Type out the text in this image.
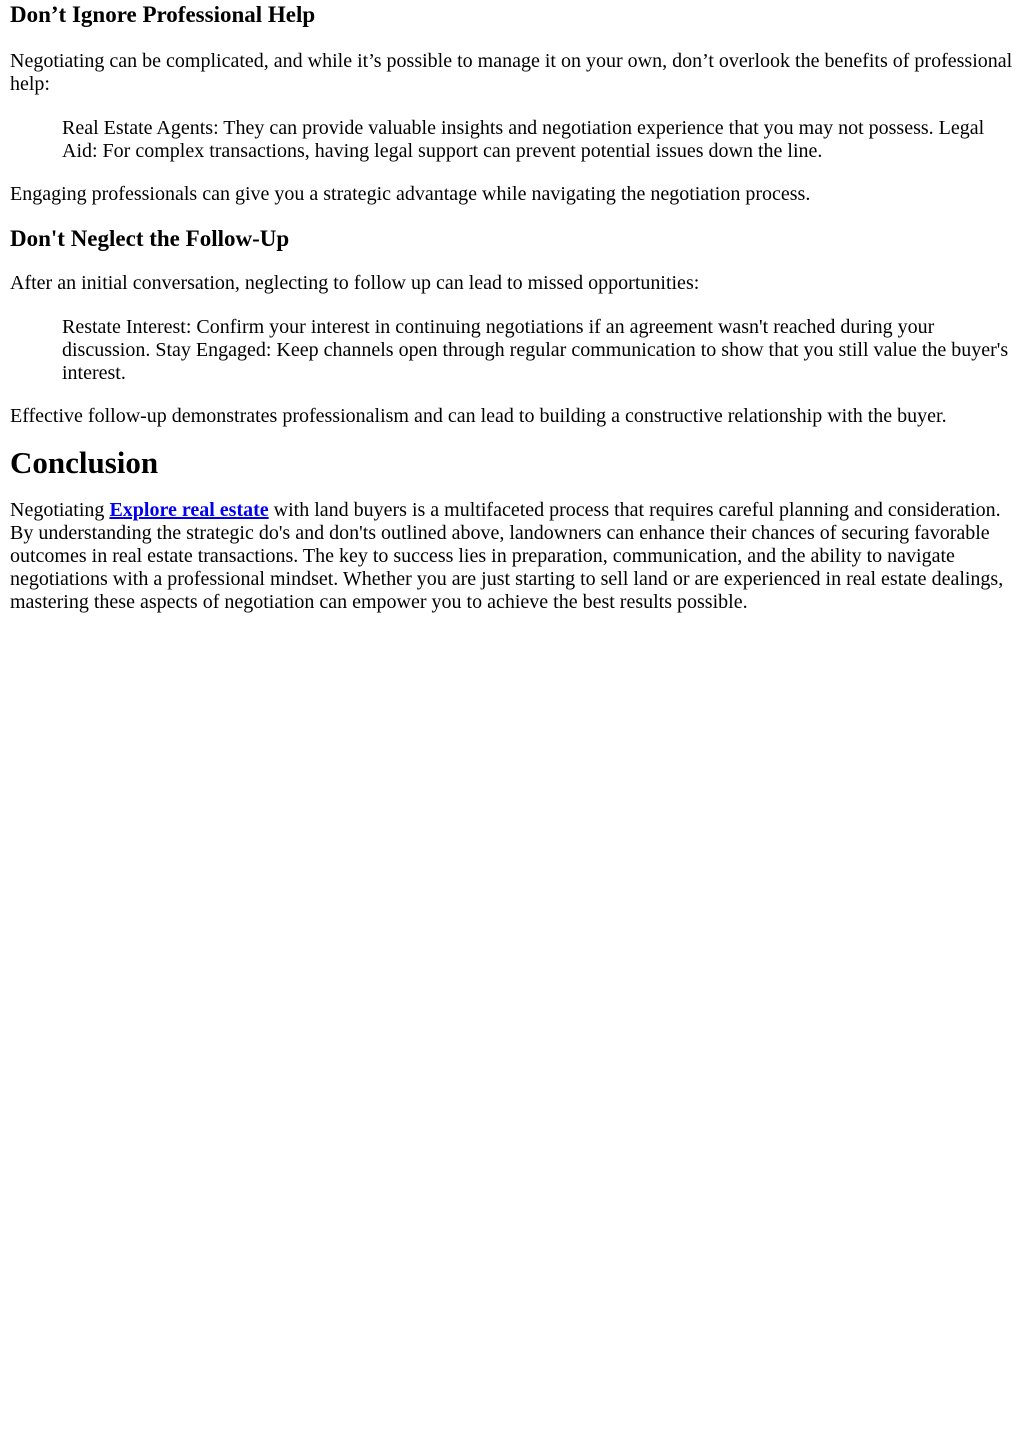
Don’t Ignore Professional Help

Negotiating can be complicated, and while it’s possible to manage it on your own, don’t overlook the benefits of professional help:

Real Estate Agents: They can provide valuable insights and negotiation experience that you may not possess. Legal Aid: For complex transactions, having legal support can prevent potential issues down the line.

Engaging professionals can give you a strategic advantage while navigating the negotiation process.

Don't Neglect the Follow-Up

After an initial conversation, neglecting to follow up can lead to missed opportunities:

Restate Interest: Confirm your interest in continuing negotiations if an agreement wasn't reached during your discussion. Stay Engaged: Keep channels open through regular communication to show that you still value the buyer's interest.

Effective follow-up demonstrates professionalism and can lead to building a constructive relationship with the buyer.

Conclusion

Negotiating Explore real estate with land buyers is a multifaceted process that requires careful planning and consideration. By understanding the strategic do's and don'ts outlined above, landowners can enhance their chances of securing favorable outcomes in real estate transactions. The key to success lies in preparation, communication, and the ability to navigate negotiations with a professional mindset. Whether you are just starting to sell land or are experienced in real estate dealings, mastering these aspects of negotiation can empower you to achieve the best results possible.
